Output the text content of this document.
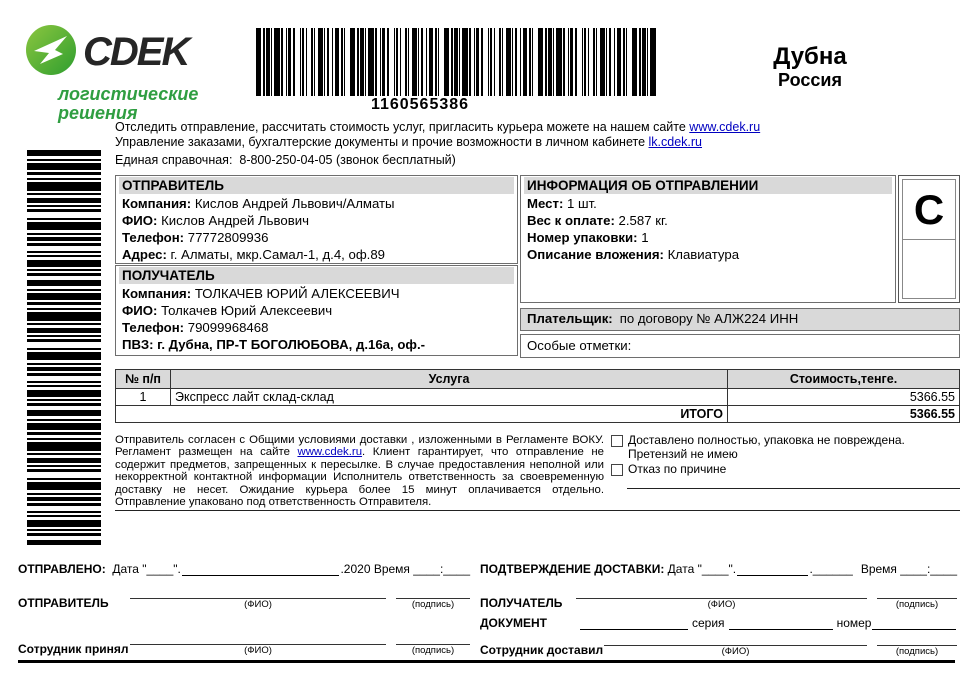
CDEK
логистические
решения	1160565386
Дубна
Россия
Отследить отправление, рассчитать стоимость услуг, пригласить курьера можете на нашем сайте www.cdek.ru
Управление заказами, бухгалтерские документы и прочие возможности в личном кабинете lk.cdek.ru
Единая справочная:  8-800-250-04-05 (звонок бесплатный)
ОТПРАВИТЕЛЬ
Компания: Кислов Андрей Львович/Алматы
ФИО: Кислов Андрей Львович
Телефон: 77772809936
Адрес: г. Алматы, мкр.Самал-1, д.4, оф.89
ПОЛУЧАТЕЛЬ
Компания: ТОЛКАЧЕВ ЮРИЙ АЛЕКСЕЕВИЧ
ФИО: Толкачев Юрий Алексеевич
Телефон: 79099968468
ПВЗ: г. Дубна, ПР-Т БОГОЛЮБОВА, д.16а, оф.-
ИНФОРМАЦИЯ ОБ ОТПРАВЛЕНИИ
Мест: 1 шт.
Вес к оплате: 2.587 кг.
Номер упаковки: 1
Описание вложения: Клавиатура
C
Плательщик: по договору № АЛЖ224 ИНН
Особые отметки:
№ п/п	Услуга	Стоимость,тенге.
1	Экспресс лайт склад-склад	5366.55
ИТОГО		5366.55
Отправитель согласен с Общими условиями доставки , изложенными в Регламенте ВОКУ. Регламент размещен на сайте www.cdek.ru. Клиент гарантирует, что отправление не содержит предметов, запрещенных к пересылке. В случае предоставления неполной или некорректной контактной информации Исполнитель ответственность за своевременную доставку не несет. Ожидание курьера более 15 минут оплачивается отдельно. Отправление упаковано под ответственность Отправителя.
Доставлено полностью, упаковка не повреждена. Претензий не имею
Отказ по причине
ОТПРАВЛЕНО:
Дата "____".	.2020 Время ____:____
ОТПРАВИТЕЛЬ	(ФИО)	(подпись)
Сотрудник принял	(ФИО)	(подпись)
ПОДТВЕРЖДЕНИЕ ДОСТАВКИ:
Дата "____".	.______ Время ____:____
ПОЛУЧАТЕЛЬ	(ФИО)	(подпись)
ДОКУМЕНТ	серия	номер
Сотрудник доставил	(ФИО)	(подпись)
